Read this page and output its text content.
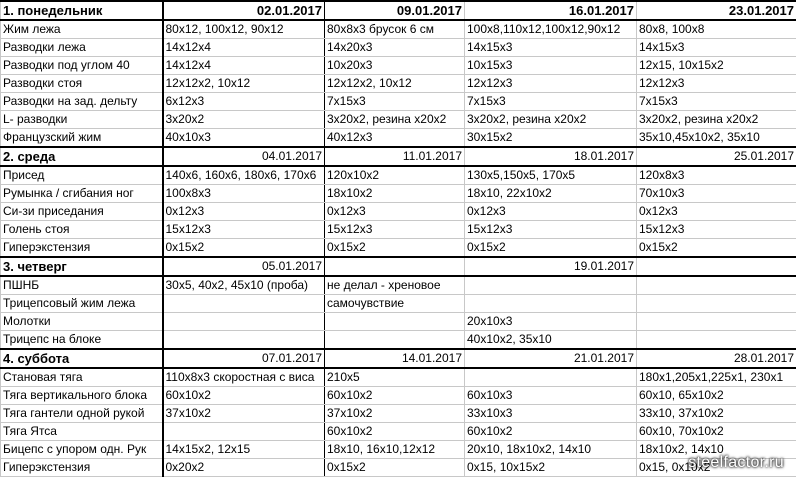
1. понедельник	02.01.2017	09.01.2017	16.01.2017	23.01.2017
Жим лежа	80x12, 100x12, 90x12	80x8x3 брусок 6 см	100x8,110x12,100x12,90x12	80x8, 100x8
Разводки лежа	14x12x4	14x20x3	14x15x3	14x15x3
Разводки под углом 40	14x12x4	10x20x3	10x15x3	12x15, 10x15x2
Разводки стоя	12x12x2, 10x12	12x12x2, 10x12	12x12x3	12x12x3
Разводки на зад. дельту	6x12x3	7x15x3	7x15x3	7x15x3
L- разводки	3x20x2	3x20x2, резина x20x2	3x20x2, резина x20x2	3x20x2, резина x20x2
Французский жим	40x10x3	40x12x3	30x15x2	35x10,45x10x2, 35x10
2. среда	04.01.2017	11.01.2017	18.01.2017	25.01.2017
Присед	140x6, 160x6, 180x6, 170x6	120x10x2	130x5,150x5, 170x5	120x8x3
Румынка / сгибания ног	100x8x3	18x10x2	18x10, 22x10x2	70x10x3
Си-зи приседания	0x12x3	0x12x3	0x12x3	0x12x3
Голень стоя	15x12x3	15x12x3	15x12x3	15x12x3
Гиперэкстензия	0x15x2	0x15x2	0x15x2	0x15x2
3. четверг	05.01.2017		19.01.2017	
ПШНБ	30x5, 40x2, 45x10 (проба)	не делал - хреновое		
Трицепсовый жим лежа		самочувствие		
Молотки			20x10x3	
Трицепс на блоке			40x10x2, 35x10	
4. суббота	07.01.2017	14.01.2017	21.01.2017	28.01.2017
Становая тяга	110x8x3 скоростная с виса	210x5		180x1,205x1,225x1, 230x1
Тяга вертикального блока	60x10x2	60x10x2	60x10x3	60x10, 65x10x2
Тяга гантели одной рукой	37x10x2	37x10x2	33x10x3	33x10, 37x10x2
Тяга Ятса		60x10x2	60x10x2	60x10, 70x10x2
Бицепс с упором одн. Рук	14x15x2, 12x15	18x10, 16x10,12x12	20x10, 18x10x2, 14x10	18x10x2, 14x10
Гиперэкстензия	0x20x2	0x15x2	0x15, 10x15x2	0x15, 0x10x2
steelfactor.ru
